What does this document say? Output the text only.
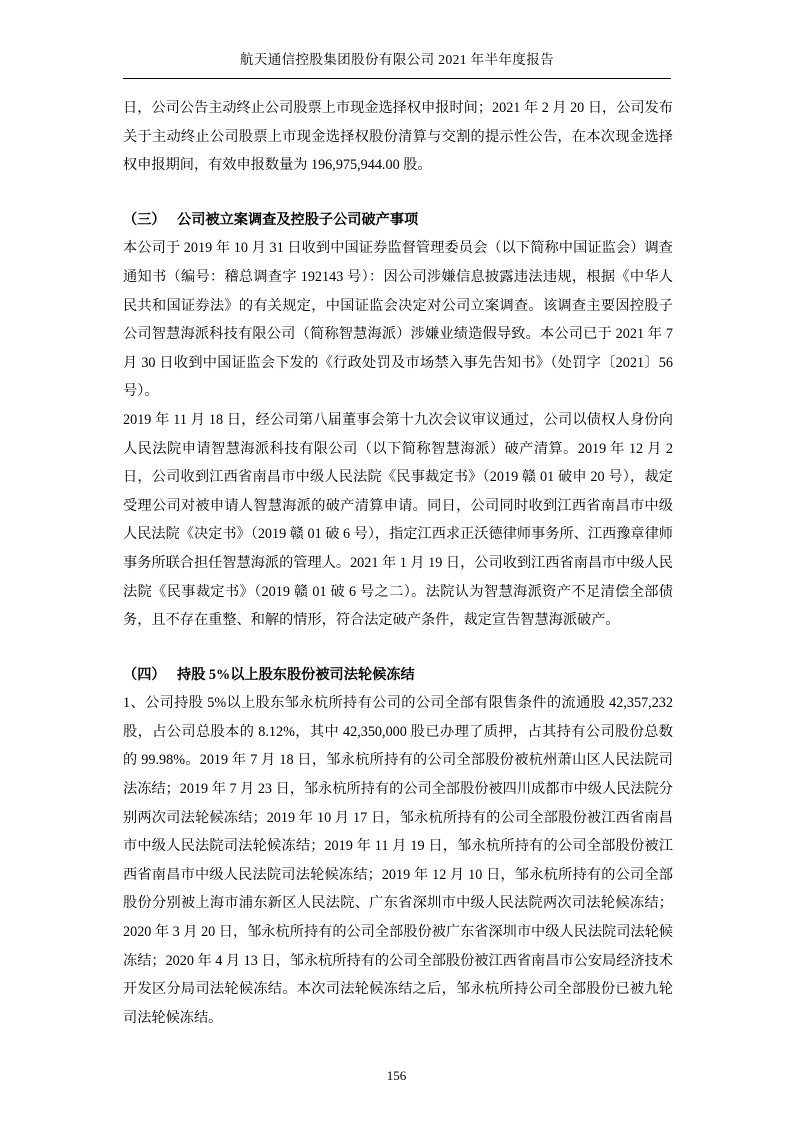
航天通信控股集团股份有限公司 2021 年半年度报告

日，公司公告主动终止公司股票上市现金选择权申报时间；2021 年 2 月 20 日，公司发布关于主动终止公司股票上市现金选择权股份清算与交割的提示性公告，在本次现金选择权申报期间，有效申报数量为 196,975,944.00 股。

（三） 公司被立案调查及控股子公司破产事项

本公司于 2019 年 10 月 31 日收到中国证券监督管理委员会（以下简称中国证监会）调查通知书（编号：稽总调查字 192143 号）：因公司涉嫌信息披露违法违规，根据《中华人民共和国证券法》的有关规定，中国证监会决定对公司立案调查。该调查主要因控股子公司智慧海派科技有限公司（简称智慧海派）涉嫌业绩造假导致。本公司已于 2021 年 7 月 30 日收到中国证监会下发的《行政处罚及市场禁入事先告知书》（处罚字〔2021〕56 号）。

2019 年 11 月 18 日，经公司第八届董事会第十九次会议审议通过，公司以债权人身份向人民法院申请智慧海派科技有限公司（以下简称智慧海派）破产清算。2019 年 12 月 2 日，公司收到江西省南昌市中级人民法院《民事裁定书》（2019 赣 01 破申 20 号），裁定受理公司对被申请人智慧海派的破产清算申请。同日，公司同时收到江西省南昌市中级人民法院《决定书》（2019 赣 01 破 6 号），指定江西求正沃德律师事务所、江西豫章律师事务所联合担任智慧海派的管理人。2021 年 1 月 19 日，公司收到江西省南昌市中级人民法院《民事裁定书》（2019 赣 01 破 6 号之二）。法院认为智慧海派资产不足清偿全部债务，且不存在重整、和解的情形，符合法定破产条件，裁定宣告智慧海派破产。

（四） 持股 5%以上股东股份被司法轮候冻结

1、公司持股 5%以上股东邹永杭所持有公司的公司全部有限售条件的流通股 42,357,232 股，占公司总股本的 8.12%，其中 42,350,000 股已办理了质押，占其持有公司股份总数的 99.98%。2019 年 7 月 18 日，邹永杭所持有的公司全部股份被杭州萧山区人民法院司法冻结；2019 年 7 月 23 日，邹永杭所持有的公司全部股份被四川成都市中级人民法院分别两次司法轮候冻结；2019 年 10 月 17 日，邹永杭所持有的公司全部股份被江西省南昌市中级人民法院司法轮候冻结；2019 年 11 月 19 日，邹永杭所持有的公司全部股份被江西省南昌市中级人民法院司法轮候冻结；2019 年 12 月 10 日，邹永杭所持有的公司全部股份分别被上海市浦东新区人民法院、广东省深圳市中级人民法院两次司法轮候冻结；2020 年 3 月 20 日，邹永杭所持有的公司全部股份被广东省深圳市中级人民法院司法轮候冻结；2020 年 4 月 13 日，邹永杭所持有的公司全部股份被江西省南昌市公安局经济技术开发区分局司法轮候冻结。本次司法轮候冻结之后，邹永杭所持公司全部股份已被九轮司法轮候冻结。

156
